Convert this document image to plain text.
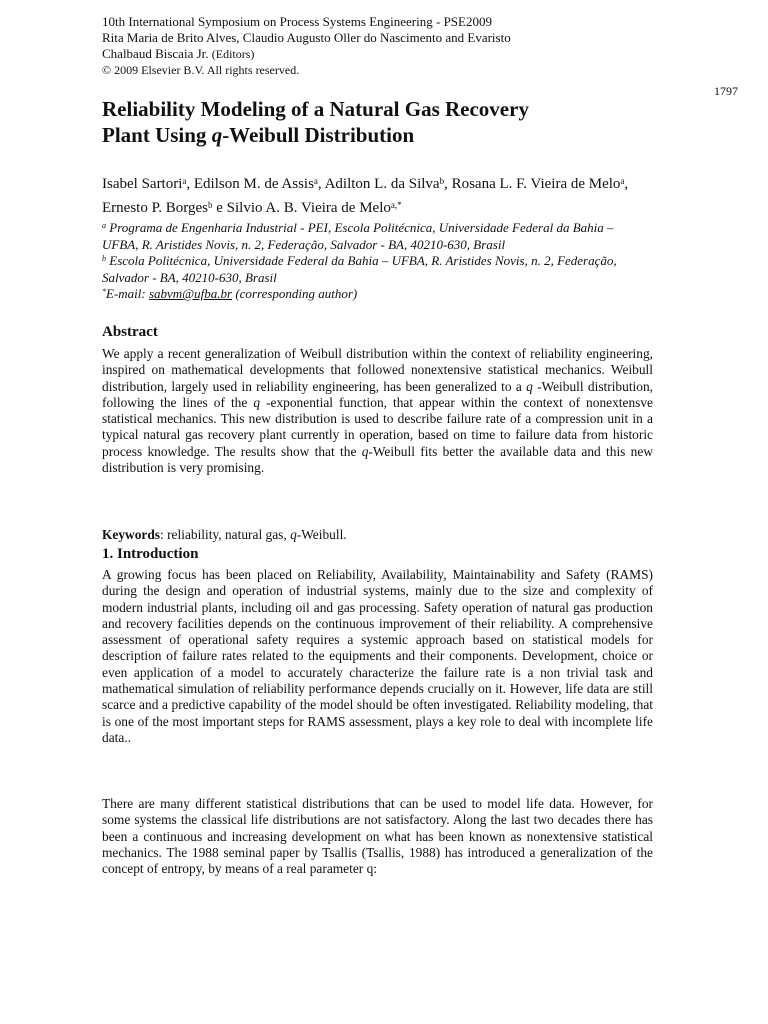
10th International Symposium on Process Systems Engineering - PSE2009
Rita Maria de Brito Alves, Claudio Augusto Oller do Nascimento and Evaristo
Chalbaud Biscaia Jr. (Editors)
© 2009 Elsevier B.V. All rights reserved.
1797
Reliability Modeling of a Natural Gas Recovery
Plant Using q-Weibull Distribution
Isabel Sartori$^a$, Edilson M. de Assis$^a$, Adilton L. da Silva$^b$, Rosana L. F. Vieira de Melo$^a$, Ernesto P. Borges$^b$ e Silvio A. B. Vieira de Melo$^{a,*}$
$^a$ Programa de Engenharia Industrial - PEI, Escola Politécnica, Universidade Federal da Bahia – UFBA, R. Aristides Novis, n. 2, Federação, Salvador - BA, 40210-630, Brasil
$^b$ Escola Politécnica, Universidade Federal da Bahia – UFBA, R. Aristides Novis, n. 2, Federação, Salvador - BA, 40210-630, Brasil
*E-mail: sabvm@ufba.br (corresponding author)
Abstract

We apply a recent generalization of Weibull distribution within the context of reliability engineering, inspired on mathematical developments that followed nonextensive statistical mechanics. Weibull distribution, largely used in reliability engineering, has been generalized to a q -Weibull distribution, following the lines of the q -exponential function, that appear within the context of nonextensve statistical mechanics. This new distribution is used to describe failure rate of a compression unit in a typical natural gas recovery plant currently in operation, based on time to failure data from historic process knowledge. The results show that the q-Weibull fits better the available data and this new distribution is very promising.

Keywords: reliability, natural gas, q-Weibull.
1. Introduction

A growing focus has been placed on Reliability, Availability, Maintainability and Safety (RAMS) during the design and operation of industrial systems, mainly due to the size and complexity of modern industrial plants, including oil and gas processing. Safety operation of natural gas production and recovery facilities depends on the continuous improvement of their reliability. A comprehensive assessment of operational safety requires a systemic approach based on statistical models for description of failure rates related to the equipments and their components. Development, choice or even application of a model to accurately characterize the failure rate is a non trivial task and mathematical simulation of reliability performance depends crucially on it. However, life data are still scarce and a predictive capability of the model should be often investigated. Reliability modeling, that is one of the most important steps for RAMS assessment, plays a key role to deal with incomplete life data..

There are many different statistical distributions that can be used to model life data. However, for some systems the classical life distributions are not satisfactory. Along the last two decades there has been a continuous and increasing development on what has been known as nonextensive statistical mechanics. The 1988 seminal paper by Tsallis (Tsallis, 1988) has introduced a generalization of the concept of entropy, by means of a real parameter q:
